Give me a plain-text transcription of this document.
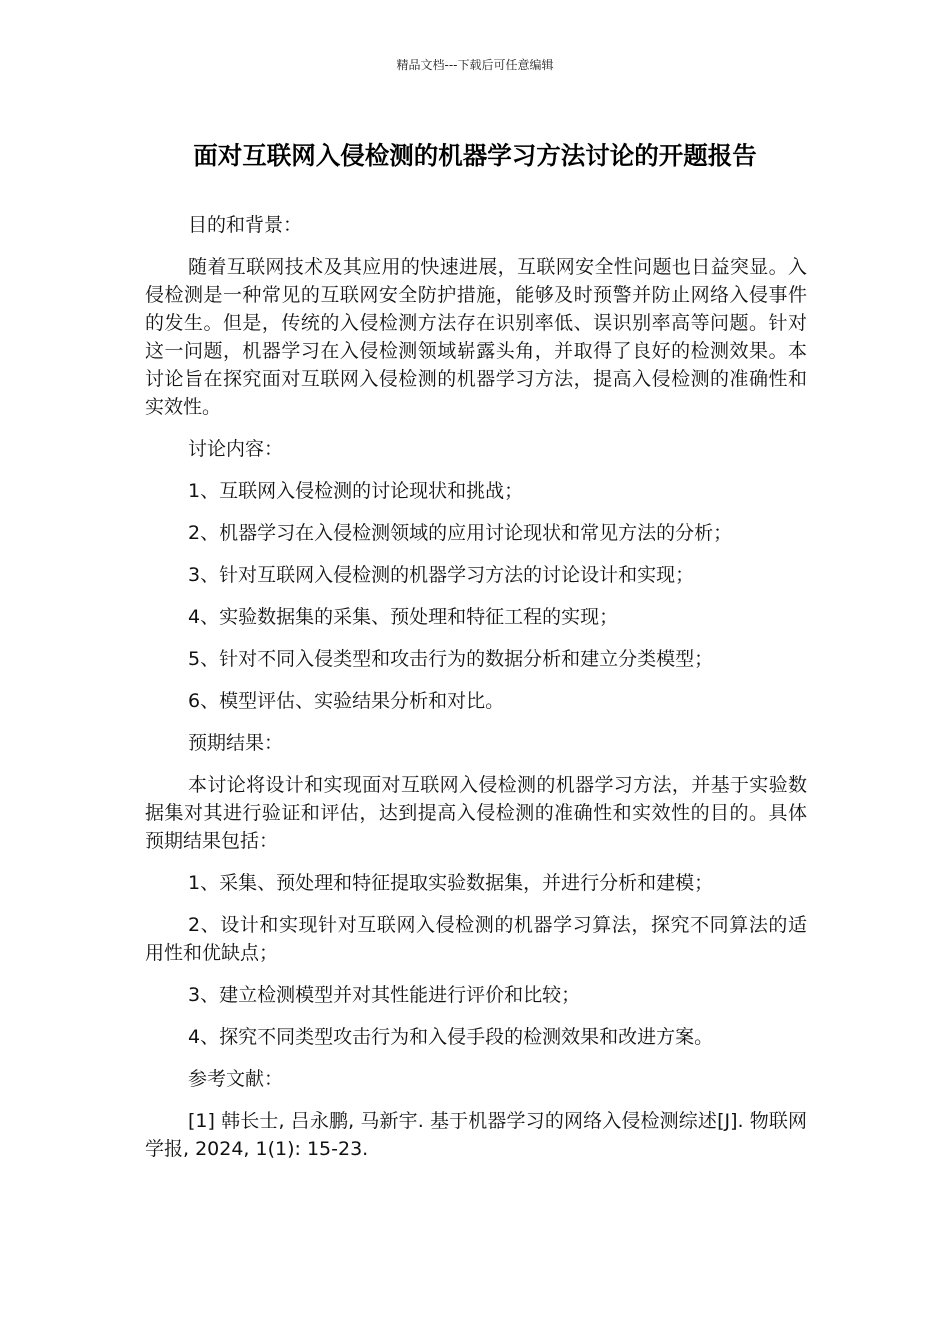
精品文档---下载后可任意编辑
面对互联网入侵检测的机器学习方法讨论的开题报告

目的和背景：

随着互联网技术及其应用的快速进展，互联网安全性问题也日益突显。入侵检测是一种常见的互联网安全防护措施，能够及时预警并防止网络入侵事件的发生。但是，传统的入侵检测方法存在识别率低、误识别率高等问题。针对这一问题，机器学习在入侵检测领域崭露头角，并取得了良好的检测效果。本讨论旨在探究面对互联网入侵检测的机器学习方法，提高入侵检测的准确性和实效性。

讨论内容：

1、互联网入侵检测的讨论现状和挑战；

2、机器学习在入侵检测领域的应用讨论现状和常见方法的分析；

3、针对互联网入侵检测的机器学习方法的讨论设计和实现；

4、实验数据集的采集、预处理和特征工程的实现；

5、针对不同入侵类型和攻击行为的数据分析和建立分类模型；

6、模型评估、实验结果分析和对比。

预期结果：

本讨论将设计和实现面对互联网入侵检测的机器学习方法，并基于实验数据集对其进行验证和评估，达到提高入侵检测的准确性和实效性的目的。具体预期结果包括：

1、采集、预处理和特征提取实验数据集，并进行分析和建模；

2、设计和实现针对互联网入侵检测的机器学习算法，探究不同算法的适用性和优缺点；

3、建立检测模型并对其性能进行评价和比较；

4、探究不同类型攻击行为和入侵手段的检测效果和改进方案。

参考文献：

[1] 韩长士, 吕永鹏, 马新宇. 基于机器学习的网络入侵检测综述[J]. 物联网学报, 2024, 1(1): 15-23.
